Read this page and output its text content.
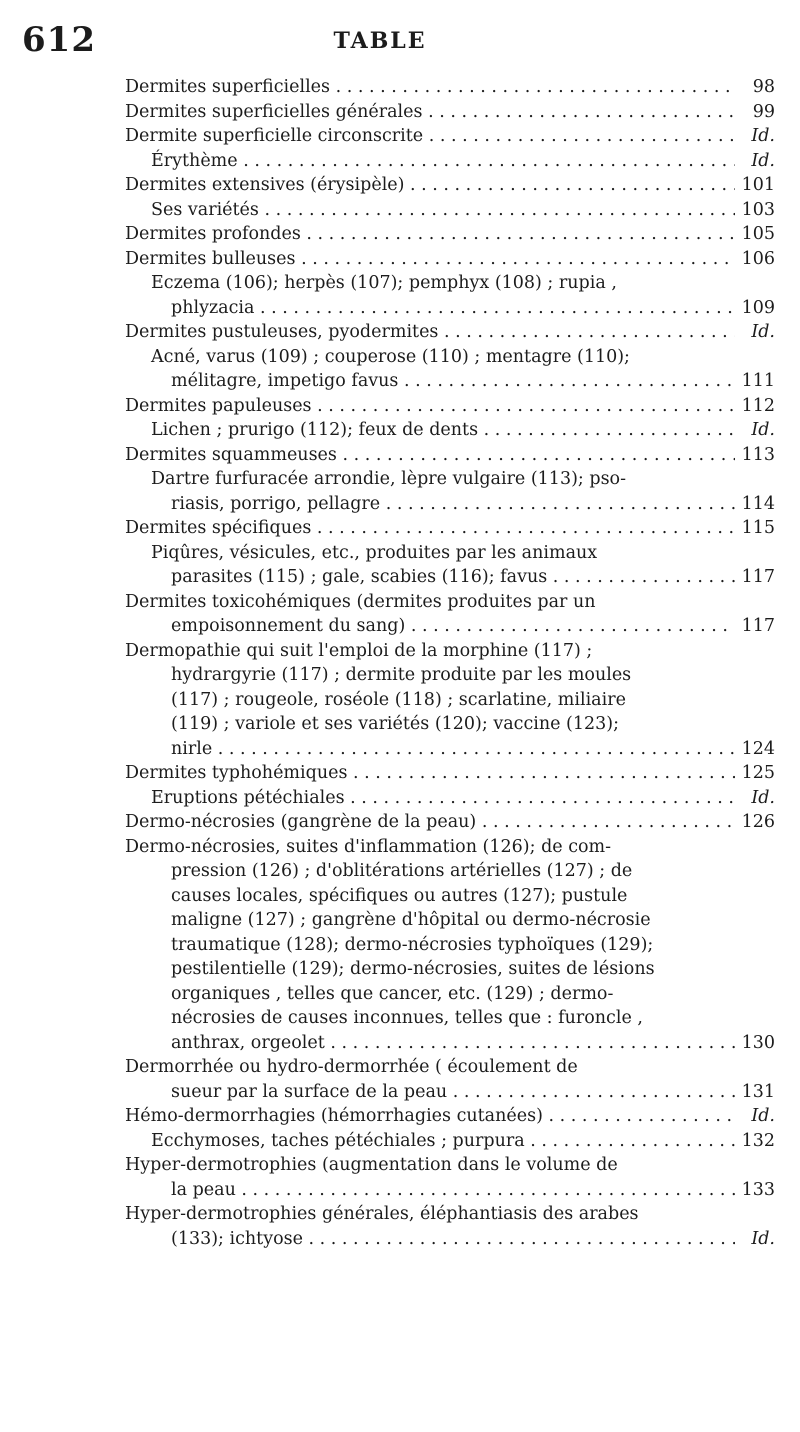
612	TABLE
Dermites superficielles . . .	98
Dermites superficielles générales . . .	99
Dermite superficielle circonscrite . . .	Id.
Érythème . . .	Id.
Dermites extensives (érysipèle) . . .	101
Ses variétés . . .	103
Dermites profondes . . .	105
Dermites bulleuses . . .	106
Eczema (106); herpès (107); pemphyx (108) ; rupia ,
phlyzacia . . .	109
Dermites pustuleuses, pyodermites . . .	Id.
Acné, varus (109) ; couperose (110) ; mentagre (110);
mélitagre, impetigo favus . . .	111
Dermites papuleuses . . .	112
Lichen ; prurigo (112); feux de dents . . .	Id.
Dermites squammeuses . . .	113
Dartre furfuracée arrondie, lèpre vulgaire (113); pso-
riasis, porrigo, pellagre . . .	114
Dermites spécifiques . . .	115
Piqûres, vésicules, etc., produites par les animaux
parasites (115) ; gale, scabies (116); favus . . .	117
Dermites toxicohémiques (dermites produites par un
empoisonnement du sang) . . .	117
Dermopathie qui suit l'emploi de la morphine (117) ;
hydrargyrie (117) ; dermite produite par les moules
(117) ; rougeole, roséole (118) ; scarlatine, miliaire
(119) ; variole et ses variétés (120); vaccine (123);
nirle . . .	124
Dermites typhohémiques . . .	125
Eruptions pétéchiales . . .	Id.
Dermo-nécrosies (gangrène de la peau) . . .	126
Dermo-nécrosies, suites d'inflammation (126); de com-
pression (126) ; d'oblitérations artérielles (127) ; de
causes locales, spécifiques ou autres (127); pustule
maligne (127) ; gangrène d'hôpital ou dermo-nécrosie
traumatique (128); dermo-nécrosies typhoïques (129);
pestilentielle (129); dermo-nécrosies, suites de lésions
organiques , telles que cancer, etc. (129) ; dermo-
nécrosies de causes inconnues, telles que : furoncle ,
anthrax, orgeolet . . .	130
Dermorrhée ou hydro-dermorrhée ( écoulement de
sueur par la surface de la peau . . .	131
Hémo-dermorrhagies (hémorrhagies cutanées) . . .	Id.
Ecchymoses, taches pétéchiales ; purpura . . .	132
Hyper-dermotrophies (augmentation dans le volume de
la peau . . .	133
Hyper-dermotrophies générales, éléphantiasis des arabes
(133); ichtyose . . .	Id.
